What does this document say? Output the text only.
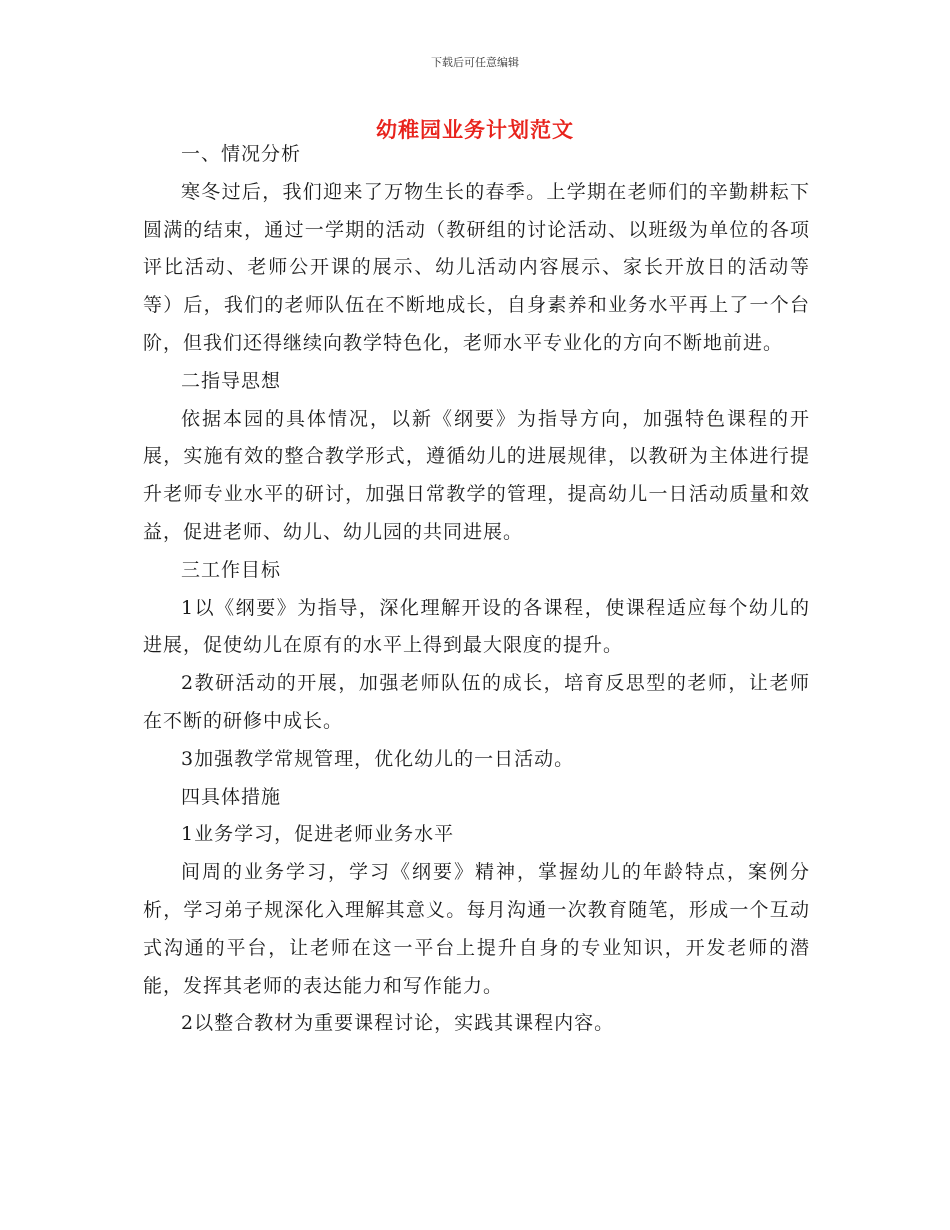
下载后可任意编辑
幼稚园业务计划范文

一、情况分析

寒冬过后，我们迎来了万物生长的春季。上学期在老师们的辛勤耕耘下圆满的结束，通过一学期的活动（教研组的讨论活动、以班级为单位的各项评比活动、老师公开课的展示、幼儿活动内容展示、家长开放日的活动等等）后，我们的老师队伍在不断地成长，自身素养和业务水平再上了一个台阶，但我们还得继续向教学特色化，老师水平专业化的方向不断地前进。

二指导思想

依据本园的具体情况，以新《纲要》为指导方向，加强特色课程的开展，实施有效的整合教学形式，遵循幼儿的进展规律，以教研为主体进行提升老师专业水平的研讨，加强日常教学的管理，提高幼儿一日活动质量和效益，促进老师、幼儿、幼儿园的共同进展。

三工作目标

1以《纲要》为指导，深化理解开设的各课程，使课程适应每个幼儿的进展，促使幼儿在原有的水平上得到最大限度的提升。

2教研活动的开展，加强老师队伍的成长，培育反思型的老师，让老师在不断的研修中成长。

3加强教学常规管理，优化幼儿的一日活动。

四具体措施

1业务学习，促进老师业务水平

间周的业务学习，学习《纲要》精神，掌握幼儿的年龄特点，案例分析，学习弟子规深化入理解其意义。每月沟通一次教育随笔，形成一个互动式沟通的平台，让老师在这一平台上提升自身的专业知识，开发老师的潜能，发挥其老师的表达能力和写作能力。

2以整合教材为重要课程讨论，实践其课程内容。
